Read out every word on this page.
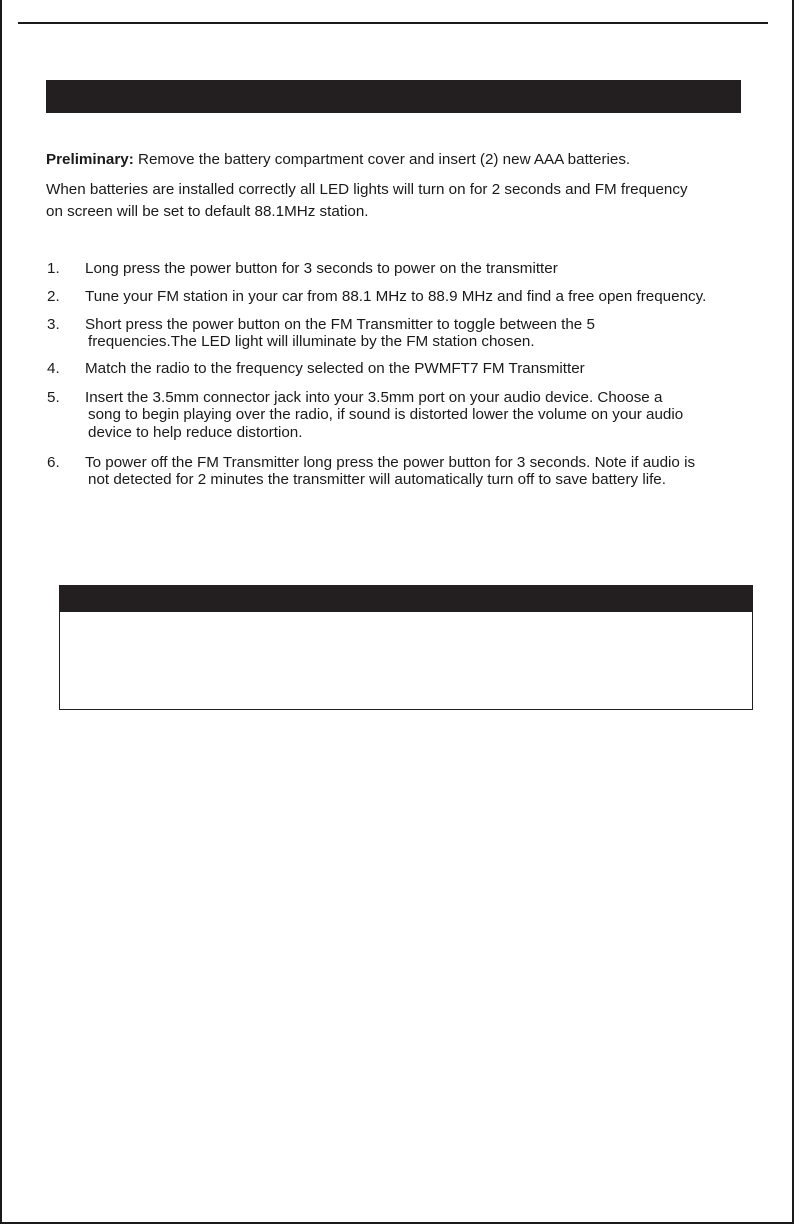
Preliminary: Remove the battery compartment cover and insert (2) new AAA batteries.
When batteries are installed correctly all LED lights will turn on for 2 seconds and FM frequency
on screen will be set to default 88.1MHz station.
1. Long press the power button for 3 seconds to power on the transmitter
2. Tune your FM station in your car from 88.1 MHz to 88.9 MHz and find a free open frequency.
3. Short press the power button on the FM Transmitter to toggle between the 5
frequencies.The LED light will illuminate by the FM station chosen.
4. Match the radio to the frequency selected on the PWMFT7 FM Transmitter
5. Insert the 3.5mm connector jack into your 3.5mm port on your audio device. Choose a
song to begin playing over the radio, if sound is distorted lower the volume on your audio
device to help reduce distortion.
6. To power off the FM Transmitter long press the power button for 3 seconds. Note if audio is
not detected for 2 minutes the transmitter will automatically turn off to save battery life.
